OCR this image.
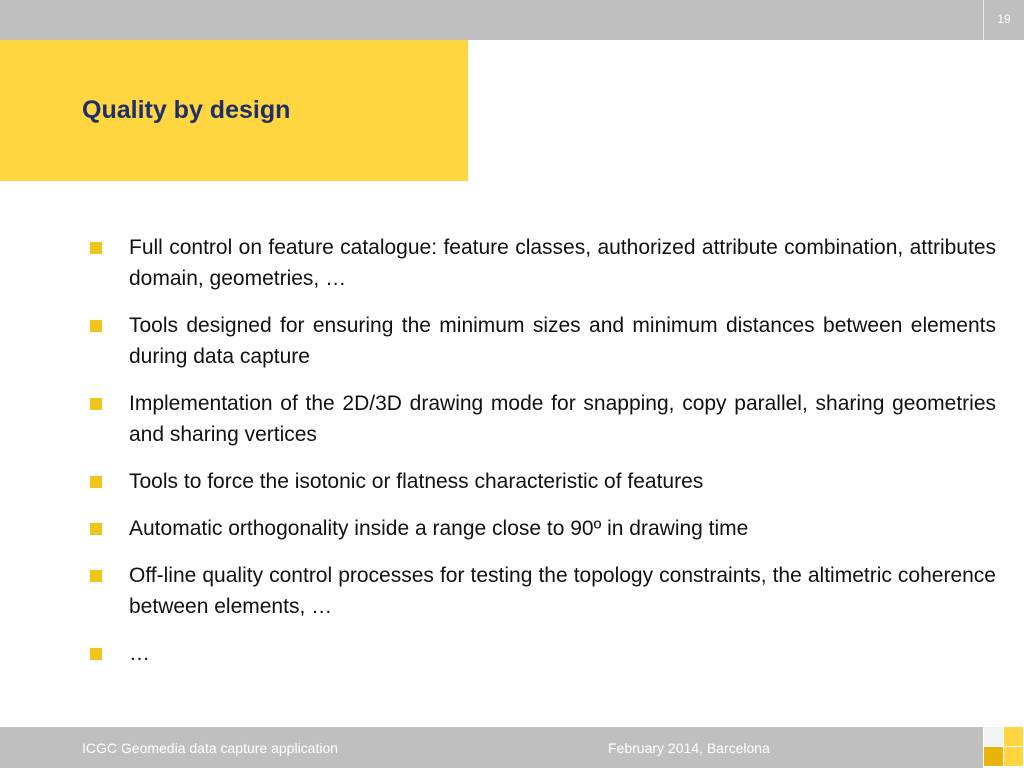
19
Quality by design
Full control on feature catalogue: feature classes, authorized attribute combination, attributes domain, geometries, …
Tools designed for ensuring the minimum sizes and minimum distances between elements during data capture
Implementation of the 2D/3D drawing mode for snapping, copy parallel, sharing geometries and sharing vertices
Tools to force the isotonic or flatness characteristic of features
Automatic orthogonality inside a range close to 90º in drawing time
Off-line quality control processes for testing the topology constraints, the altimetric coherence between elements, …
…
ICGC Geomedia data capture application	February 2014, Barcelona
